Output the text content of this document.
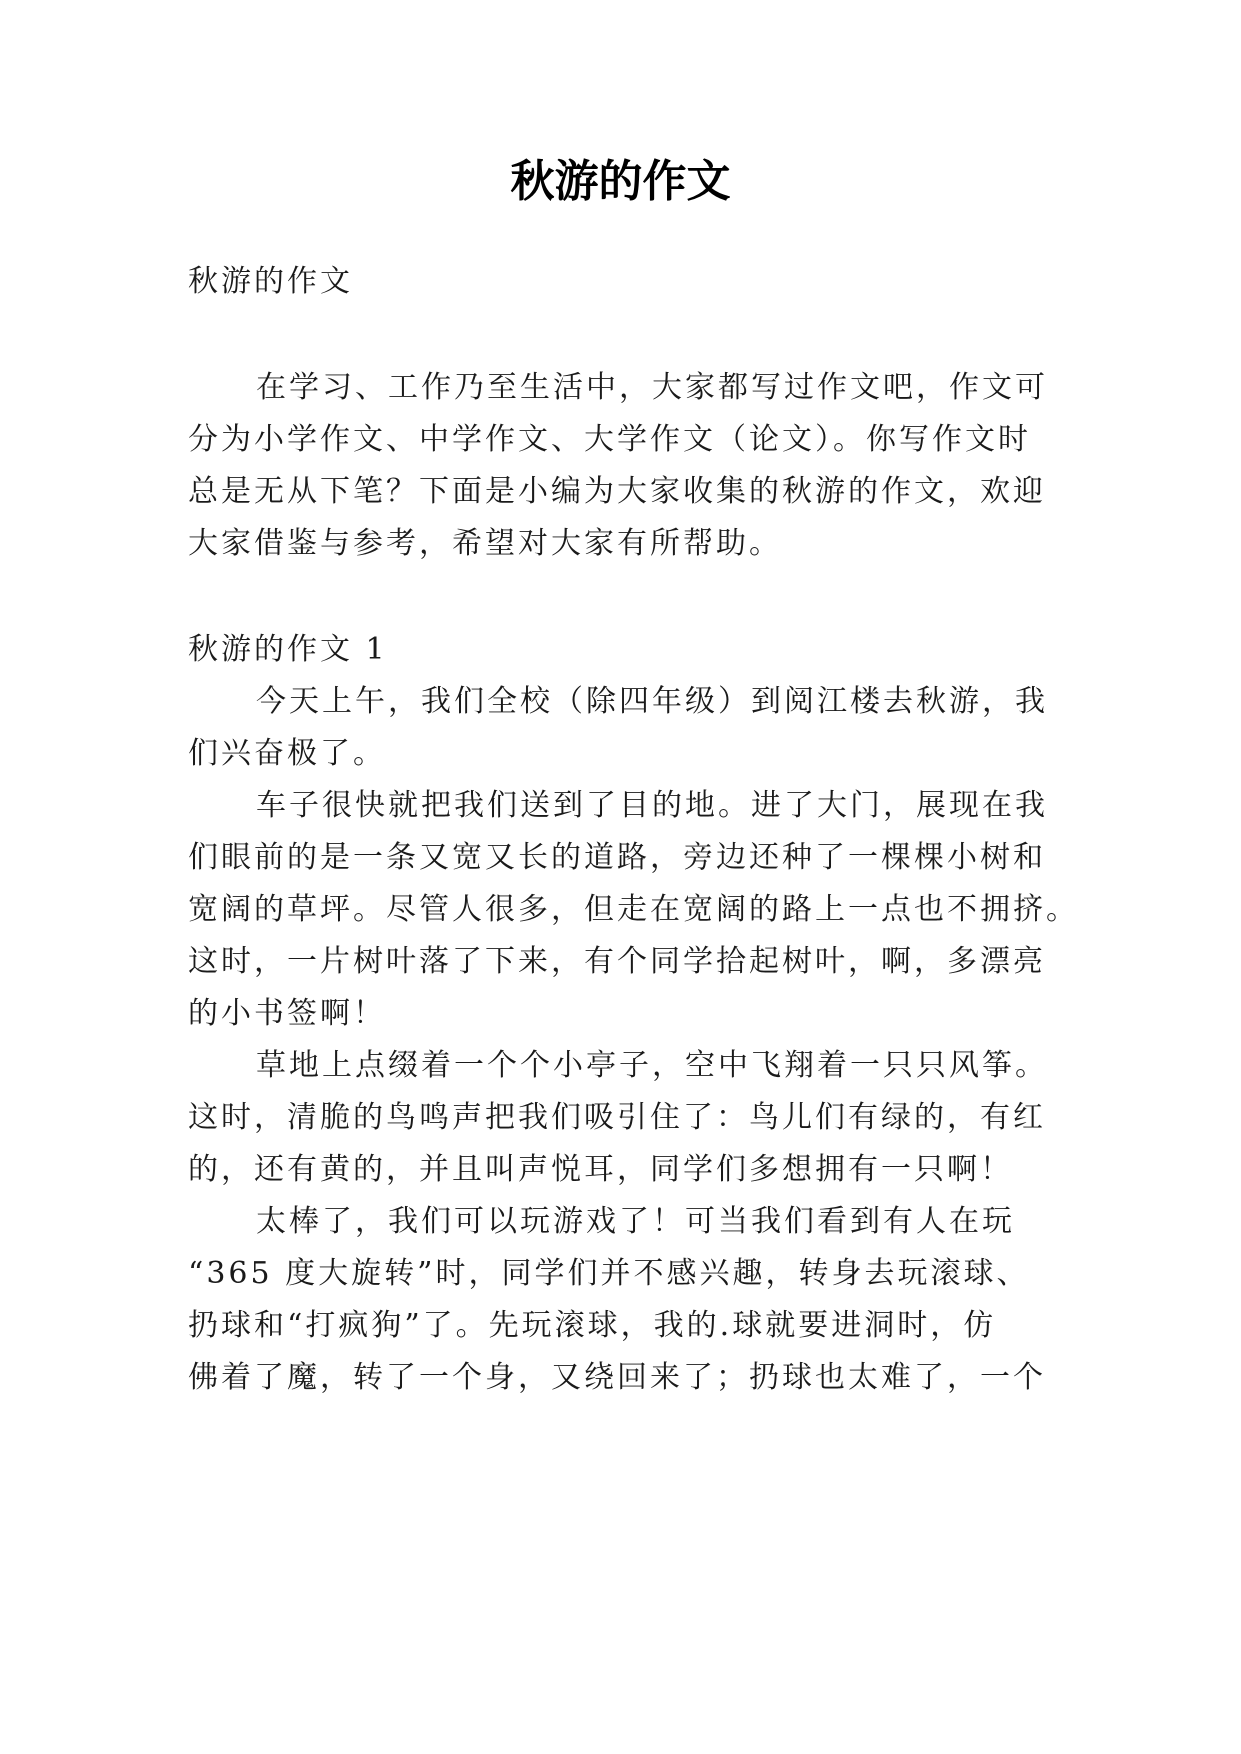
秋游的作文
秋游的作文
在学习、工作乃至生活中，大家都写过作文吧，作文可
分为小学作文、中学作文、大学作文（论文）。你写作文时
总是无从下笔？下面是小编为大家收集的秋游的作文，欢迎
大家借鉴与参考，希望对大家有所帮助。
秋游的作文 1
今天上午，我们全校（除四年级）到阅江楼去秋游，我
们兴奋极了。
车子很快就把我们送到了目的地。进了大门，展现在我
们眼前的是一条又宽又长的道路，旁边还种了一棵棵小树和
宽阔的草坪。尽管人很多，但走在宽阔的路上一点也不拥挤。
这时，一片树叶落了下来，有个同学拾起树叶，啊，多漂亮
的小书签啊！
草地上点缀着一个个小亭子，空中飞翔着一只只风筝。
这时，清脆的鸟鸣声把我们吸引住了：鸟儿们有绿的，有红
的，还有黄的，并且叫声悦耳，同学们多想拥有一只啊！
太棒了，我们可以玩游戏了！可当我们看到有人在玩
“365 度大旋转”时，同学们并不感兴趣，转身去玩滚球、
扔球和“打疯狗”了。先玩滚球，我的.球就要进洞时，仿
佛着了魔，转了一个身，又绕回来了；扔球也太难了，一个
